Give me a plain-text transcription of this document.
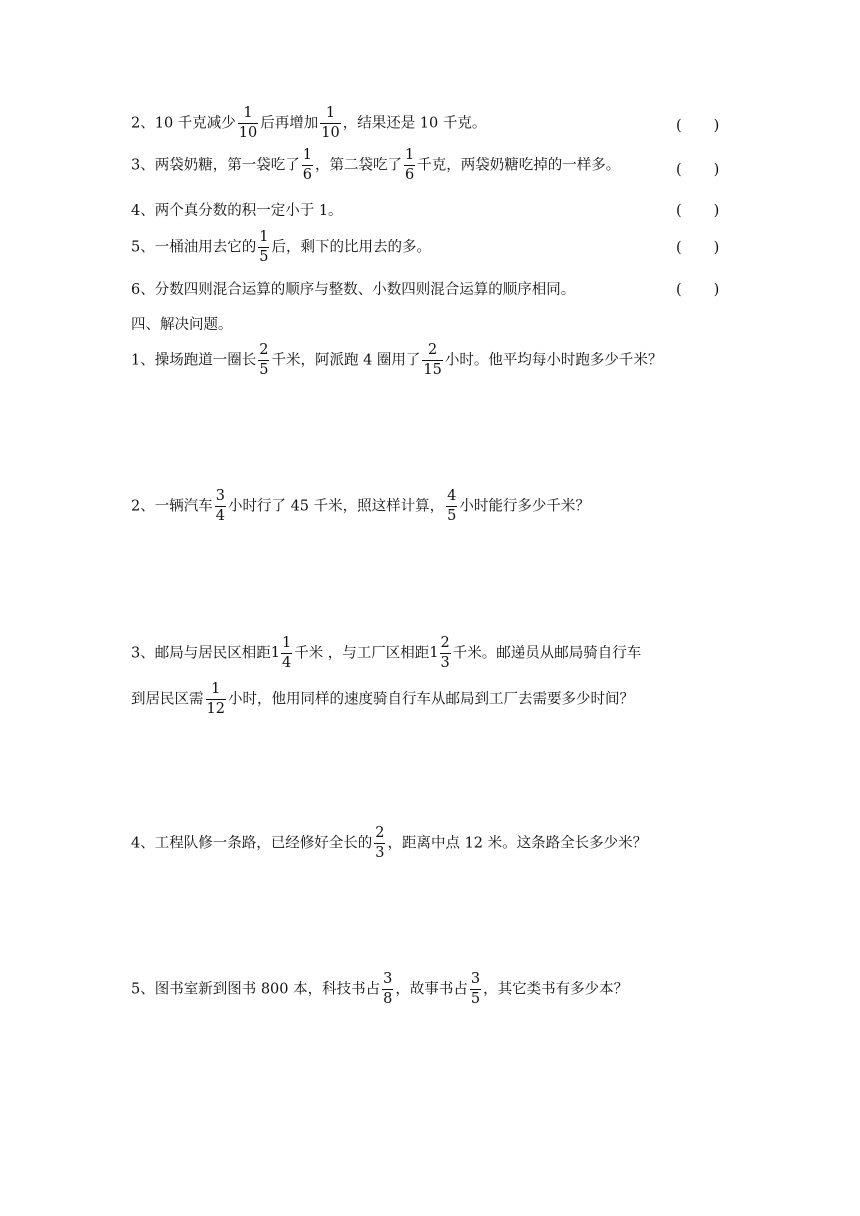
2、10 千克减少 $\frac{1}{10}$ 后再增加 $\frac{1}{10}$ ，结果还是 10 千克。	( )
3、两袋奶糖，第一袋吃了 $\frac{1}{6}$ ，第二袋吃了 $\frac{1}{6}$ 千克，两袋奶糖吃掉的一样多。	( )
4、两个真分数的积一定小于 1。	( )
5、一桶油用去它的 $\frac{1}{5}$ 后，剩下的比用去的多。	( )
6、分数四则混合运算的顺序与整数、小数四则混合运算的顺序相同。	( )
四、解决问题。
1、操场跑道一圈长 $\frac{2}{5}$ 千米，阿派跑 4 圈用了 $\frac{2}{15}$ 小时。他平均每小时跑多少千米？
2、一辆汽车 $\frac{3}{4}$ 小时行了 45 千米，照这样计算， $\frac{4}{5}$ 小时能行多少千米？
3、邮局与居民区相距$1 \frac{1}{4}$ 千米 ，与工厂区相距$1 \frac{2}{3}$ 千米。邮递员从邮局骑自行车
到居民区需 $\frac{1}{12}$ 小时，他用同样的速度骑自行车从邮局到工厂去需要多少时间？
4、工程队修一条路，已经修好全长的 $\frac{2}{3}$ ，距离中点 12 米。这条路全长多少米？
5、图书室新到图书 800 本，科技书占 $\frac{3}{8}$ ，故事书占 $\frac{3}{5}$ ，其它类书有多少本？
